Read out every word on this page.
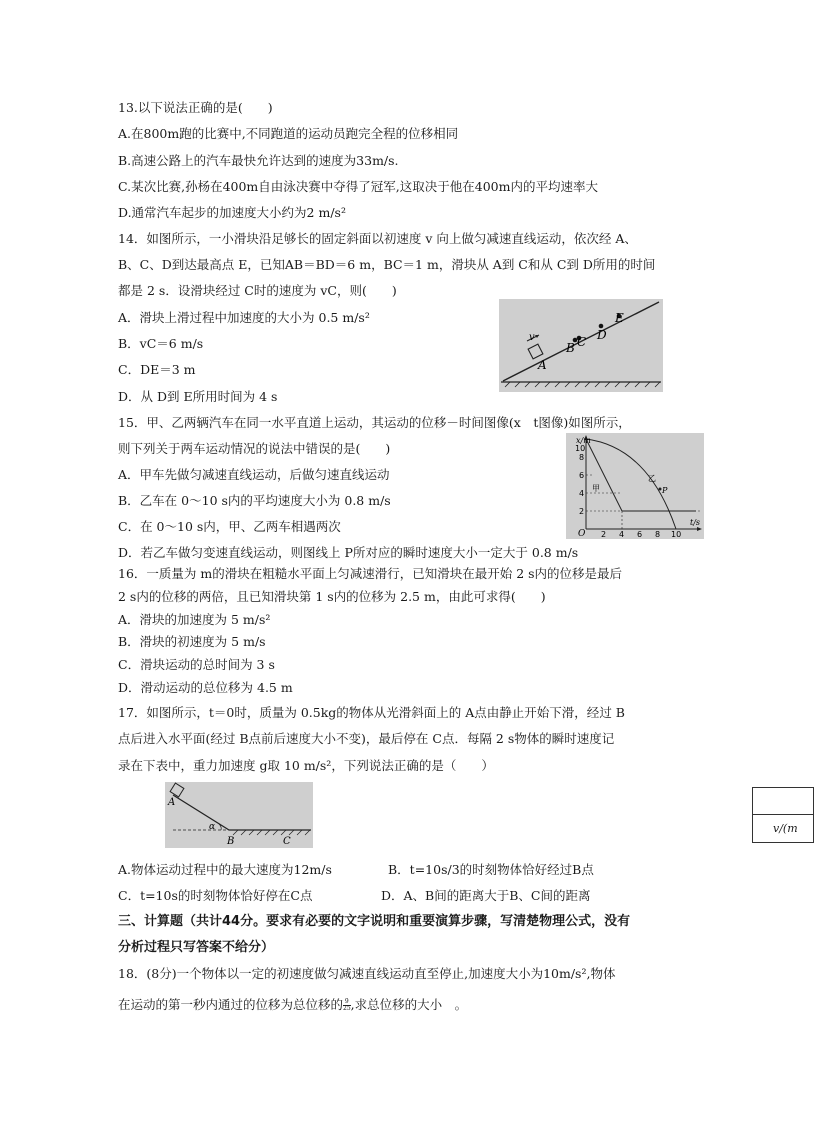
13.以下说法正确的是(　　)
A.在800m跑的比赛中,不同跑道的运动员跑完全程的位移相同
B.高速公路上的汽车最快允许达到的速度为33m/s.
C.某次比赛,孙杨在400m自由泳决赛中夺得了冠军,这取决于他在400m内的平均速率大
D.通常汽车起步的加速度大小约为2 m/s²
14．如图所示，一小滑块沿足够长的固定斜面以初速度 v 向上做匀减速直线运动，依次经 A、
B、C、D到达最高点 E，已知AB＝BD＝6 m，BC＝1 m，滑块从 A到 C和从 C到 D所用的时间
都是 2 s．设滑块经过 C时的速度为 vC，则(　　)
A．滑块上滑过程中加速度的大小为 0.5 m/s²
B．vC＝6 m/s
C．DE＝3 m
D．从 D到 E所用时间为 4 s
v
A
B C D
E
15．甲、乙两辆汽车在同一水平直道上运动，其运动的位移－时间图像(x　t图像)如图所示，
则下列关于两车运动情况的说法中错误的是(　　)
A．甲车先做匀减速直线运动，后做匀速直线运动
B．乙车在 0～10 s内的平均速度大小为 0.8 m/s
C．在 0～10 s内，甲、乙两车相遇两次
D．若乙车做匀变速直线运动，则图线上 P所对应的瞬时速度大小一定大于 0.8 m/s
x/m
t/s
O
2
4
6
8
10
2 4 6 8 10
甲
乙
P
16．一质量为 m的滑块在粗糙水平面上匀减速滑行，已知滑块在最开始 2 s内的位移是最后
2 s内的位移的两倍，且已知滑块第 1 s内的位移为 2.5 m，由此可求得(　　)
A．滑块的加速度为 5 m/s²
B．滑块的初速度为 5 m/s
C．滑块运动的总时间为 3 s
D．滑动运动的总位移为 4.5 m
17．如图所示，t＝0时，质量为 0.5kg的物体从光滑斜面上的 A点由静止开始下滑，经过 B
点后进入水平面(经过 B点前后速度大小不变)，最后停在 C点．每隔 2 s物体的瞬时速度记
录在下表中，重力加速度 g取 10 m/s²，下列说法正确的是（　　）
A
B	C
α	v/(m
A.物体运动过程中的最大速度为12m/s	B．t=10s/3的时刻物体恰好经过B点
C．t=10s的时刻物体恰好停在C点	D．A、B间的距离大于B、C间的距离
三、计算题（共计44分。要求有必要的文字说明和重要演算步骤，写清楚物理公式，没有
分析过程只写答案不给分）
18．(8分)一个物体以一定的初速度做匀减速直线运动直至停止,加速度大小为10m/s²,物体
在运动的第一秒内通过的位移为总位移的 $\frac{9}{25}$ ,求总位移的大小　。
